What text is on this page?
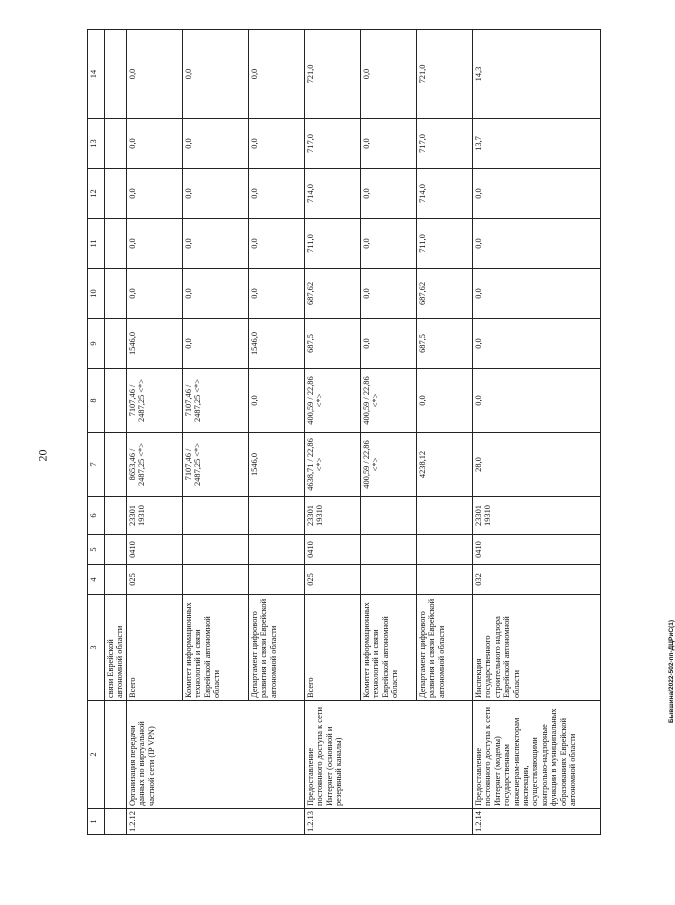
20
1	2	3	4	5	6	7	8	9	10	11	12	13	14
		связи Еврейской автономной области											
1.2.12	Организация передачи данных по виртуальной частной сети (IP VPN)	Всего	025	0410	23301 19310	8653,46 / 2487,25 <*>	7107,46 / 2487,25 <*>	1546,0	0,0	0,0	0,0	0,0	0,0
		Комитет информационных технологий и связи Еврейской автономной области				7107,46 / 2487,25 <*>	7107,46 / 2487,25 <*>	0,0	0,0	0,0	0,0	0,0	0,0
		Департамент цифрового развития и связи Еврейской автономной области				1546,0	0,0	1546,0	0,0	0,0	0,0	0,0	0,0
1.2.13	Предоставление постоянного доступа к сети Интернет (основной и резервный каналы)	Всего	025	0410	23301 19310	4638,71 / 22,86 <*>	400,59 / 22,86 <*>	687,5	687,62	711,0	714,0	717,0	721,0
		Комитет информационных технологий и связи Еврейской автономной области				400,59 / 22,86 <*>	400,59 / 22,86 <*>	0,0	0,0	0,0	0,0	0,0	0,0
		Департамент цифрового развития и связи Еврейской автономной области				4238,12	0,0	687,5	687,62	711,0	714,0	717,0	721,0
1.2.14	Предоставление постоянного доступа к сети Интернет (модемы) государственным инженерам-инспекторам инспекции, осуществляющими контрольно-надзорные функции в муниципальных образованиях Еврейской автономной области	Инспекция государственного строительного надзора Еврейской автономной области	032	0410	23301 19310	28,0	0,0	0,0	0,0	0,0	0,0	13,7	14,3
Бывшина/2022-502-пп-ДЦРиС(1)
